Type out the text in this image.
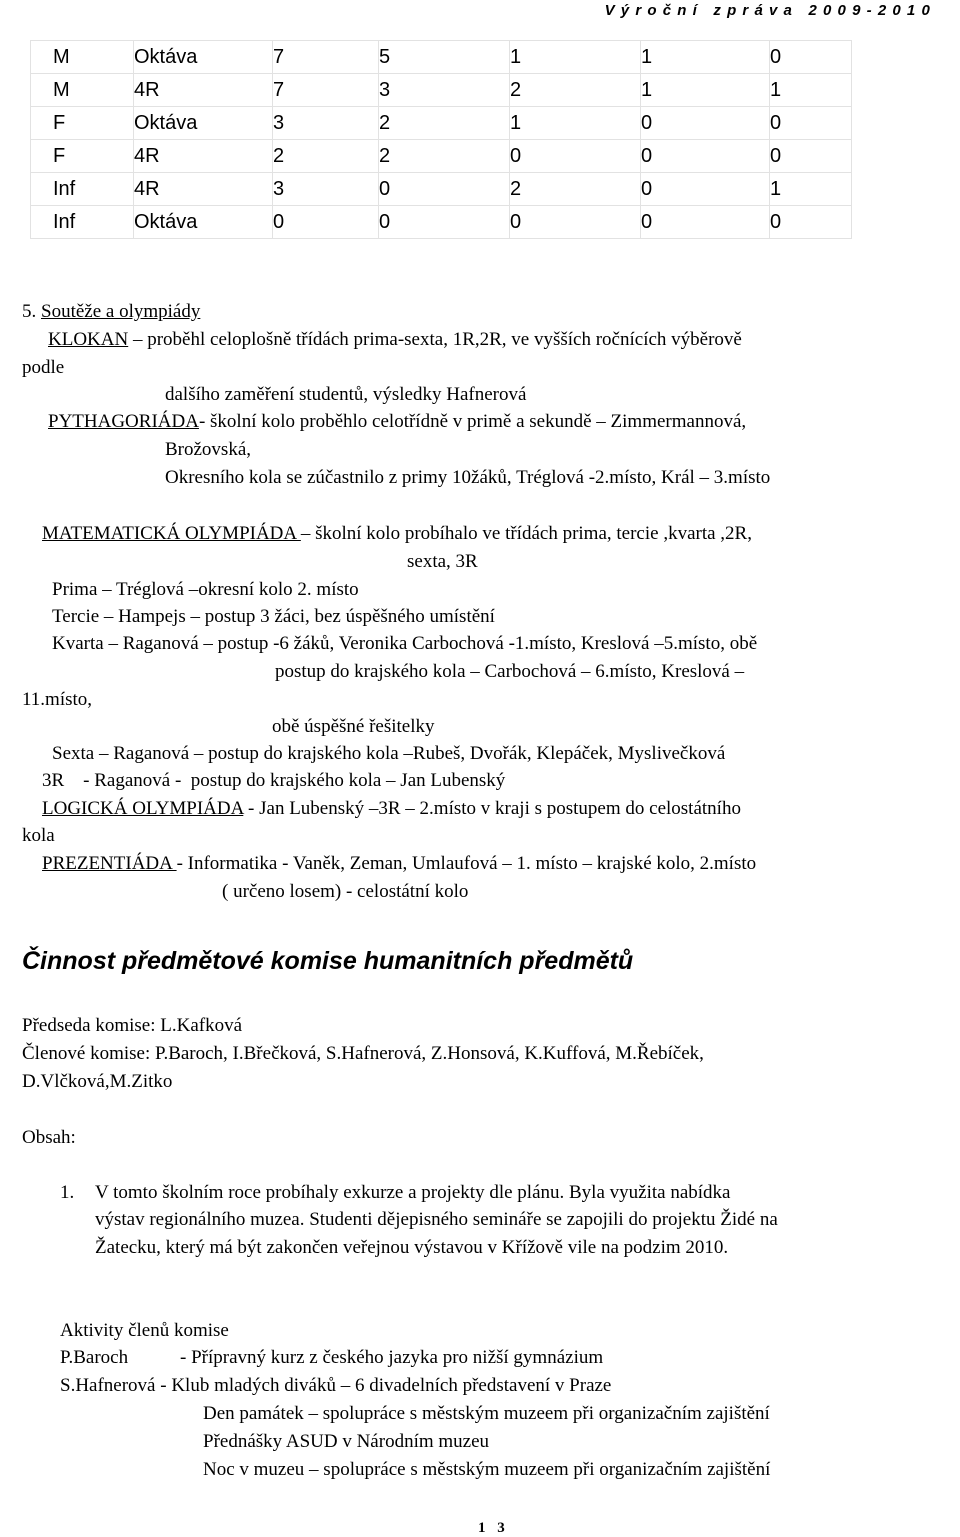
Výroční zpráva 2009-2010
M	Oktáva	7	5	1	1	0
M	4R	7	3	2	1	1
F	Oktáva	3	2	1	0	0
F	4R	2	2	0	0	0
Inf	4R	3	0	2	0	1
Inf	Oktáva	0	0	0	0	0
5. Soutěže a olympiády
KLOKAN – proběhl celoplošně třídách prima-sexta, 1R,2R, ve vyšších ročnících výběrově
podle
dalšího zaměření studentů, výsledky Hafnerová
PYTHAGORIÁDA- školní kolo proběhlo celotřídně v primě a sekundě – Zimmermannová,
Brožovská,
Okresního kola se zúčastnilo z primy 10žáků, Tréglová -2.místo, Král – 3.místo
MATEMATICKÁ OLYMPIÁDA – školní kolo probíhalo ve třídách prima, tercie ,kvarta ,2R,
sexta, 3R
Prima – Tréglová –okresní kolo 2. místo
Tercie – Hampejs – postup 3 žáci, bez úspěšného umístění
Kvarta – Raganová – postup -6 žáků, Veronika Carbochová -1.místo, Kreslová –5.místo, obě
postup do krajského kola – Carbochová – 6.místo, Kreslová –
11.místo,
obě úspěšné řešitelky
Sexta – Raganová – postup do krajského kola –Rubeš, Dvořák, Klepáček, Myslivečková
3R    - Raganová -  postup do krajského kola – Jan Lubenský
LOGICKÁ OLYMPIÁDA - Jan Lubenský –3R – 2.místo v kraji s postupem do celostátního
kola
PREZENTIÁDA - Informatika - Vaněk, Zeman, Umlaufová – 1. místo – krajské kolo, 2.místo
( určeno losem) - celostátní kolo
Činnost předmětové komise humanitních předmětů
Předseda komise: L.Kafková
Členové komise: P.Baroch, I.Břečková, S.Hafnerová, Z.Honsová, K.Kuffová, M.Řebíček,
D.Vlčková,M.Zitko
Obsah:
1. V tomto školním roce probíhaly exkurze a projekty dle plánu. Byla využita nabídka
výstav regionálního muzea. Studenti dějepisného semináře se zapojili do projektu Židé na
Žatecku, který má být zakončen veřejnou výstavou v Křížově vile na podzim 2010.
Aktivity členů komise
P.Baroch	- Přípravný kurz z českého jazyka pro nižší gymnázium
S.Hafnerová - Klub mladých diváků – 6 divadelních představení v Praze
Den památek – spolupráce s městským muzeem při organizačním zajištění
Přednášky ASUD v Národním muzeu
Noc v muzeu – spolupráce s městským muzeem při organizačním zajištění
1 3
